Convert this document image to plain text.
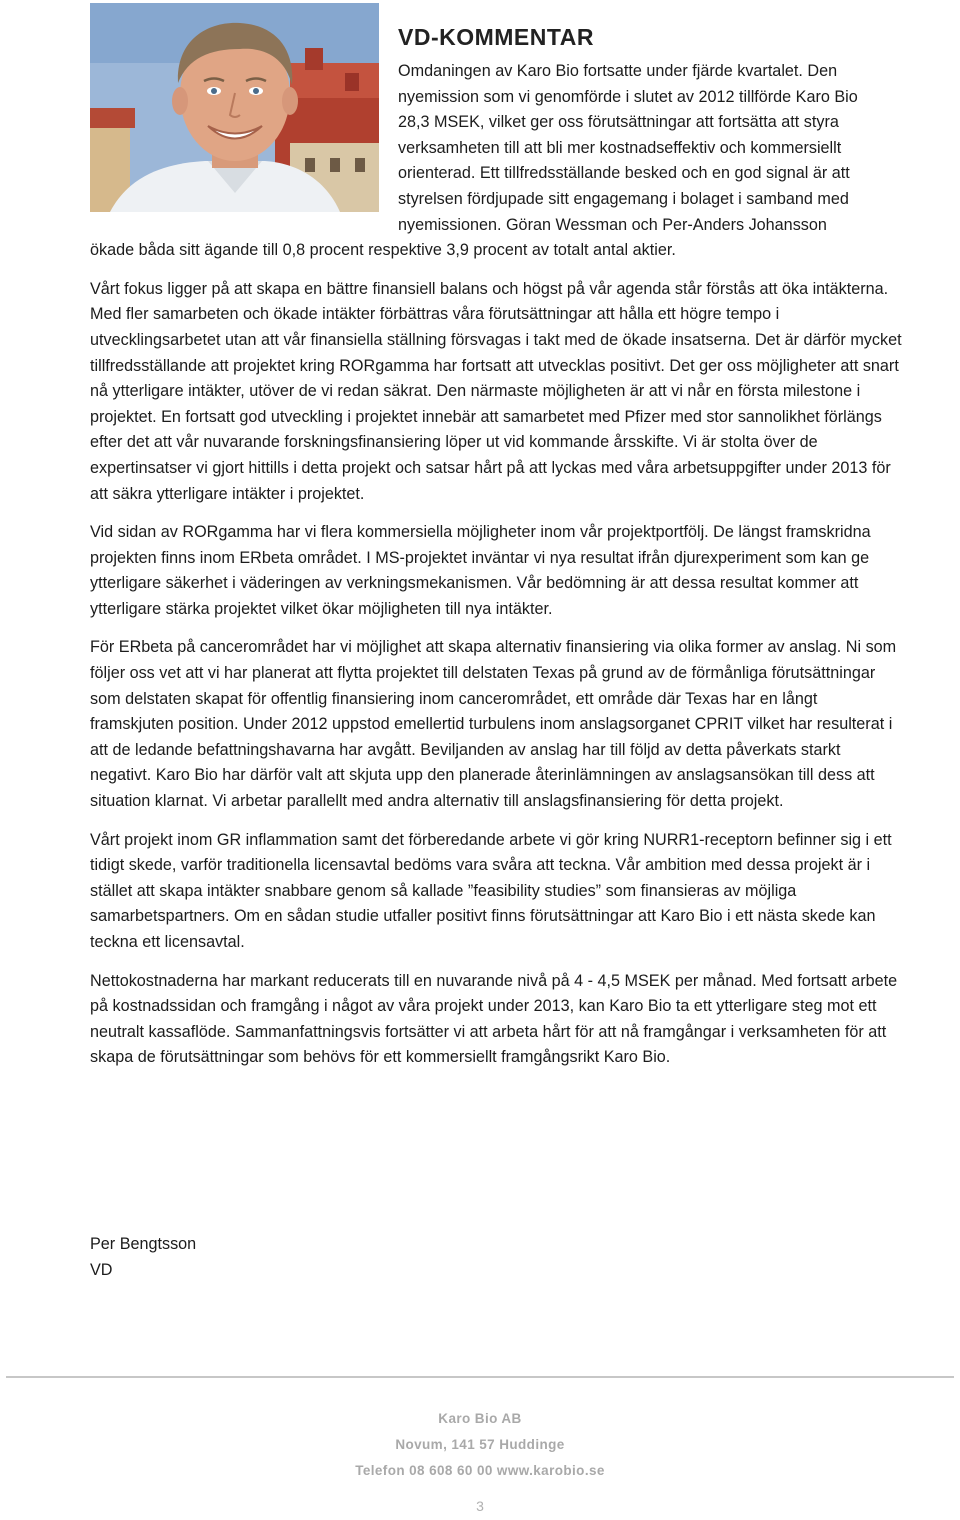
VD-KOMMENTAR
Omdaningen av Karo Bio fortsatte under fjärde kvartalet. Den
nyemission som vi genomförde i slutet av 2012 tillförde Karo Bio
28,3 MSEK, vilket ger oss förutsättningar att fortsätta att styra
verksamheten till att bli mer kostnadseffektiv och kommersiellt
orienterad. Ett tillfredsställande besked och en god signal är att
styrelsen fördjupade sitt engagemang i bolaget i samband med
nyemissionen. Göran Wessman och Per-Anders Johansson
ökade båda sitt ägande till 0,8 procent respektive 3,9 procent av totalt antal aktier.

Vårt fokus ligger på att skapa en bättre finansiell balans och högst på vår agenda står förstås att öka intäkterna. Med fler samarbeten och ökade intäkter förbättras våra förutsättningar att hålla ett högre tempo i utvecklingsarbetet utan att vår finansiella ställning försvagas i takt med de ökade insatserna. Det är därför mycket tillfredsställande att projektet kring RORgamma har fortsatt att utvecklas positivt. Det ger oss möjligheter att snart nå ytterligare intäkter, utöver de vi redan säkrat. Den närmaste möjligheten är att vi når en första milestone i projektet. En fortsatt god utveckling i projektet innebär att samarbetet med Pfizer med stor sannolikhet förlängs efter det att vår nuvarande forskningsfinansiering löper ut vid kommande årsskifte. Vi är stolta över de expertinsatser vi gjort hittills i detta projekt och satsar hårt på att lyckas med våra arbetsuppgifter under 2013 för att säkra ytterligare intäkter i projektet.

Vid sidan av RORgamma har vi flera kommersiella möjligheter inom vår projektportfölj. De längst framskridna projekten finns inom ERbeta området. I MS-projektet inväntar vi nya resultat ifrån djurexperiment som kan ge ytterligare säkerhet i väderingen av verkningsmekanismen. Vår bedömning är att dessa resultat kommer att ytterligare stärka projektet vilket ökar möjligheten till nya intäkter.

För ERbeta på cancerområdet har vi möjlighet att skapa alternativ finansiering via olika former av anslag. Ni som följer oss vet att vi har planerat att flytta projektet till delstaten Texas på grund av de förmånliga förutsättningar som delstaten skapat för offentlig finansiering inom cancerområdet, ett område där Texas har en långt framskjuten position. Under 2012 uppstod emellertid turbulens inom anslagsorganet CPRIT vilket har resulterat i att de ledande befattningshavarna har avgått. Beviljanden av anslag har till följd av detta påverkats starkt negativt. Karo Bio har därför valt att skjuta upp den planerade återinlämningen av anslagsansökan till dess att situation klarnat. Vi arbetar parallellt med andra alternativ till anslagsfinansiering för detta projekt.

Vårt projekt inom GR inflammation samt det förberedande arbete vi gör kring NURR1-receptorn befinner sig i ett tidigt skede, varför traditionella licensavtal bedöms vara svåra att teckna. Vår ambition med dessa projekt är i stället att skapa intäkter snabbare genom så kallade ”feasibility studies” som finansieras av möjliga samarbetspartners. Om en sådan studie utfaller positivt finns förutsättningar att Karo Bio i ett nästa skede kan teckna ett licensavtal.

Nettokostnaderna har markant reducerats till en nuvarande nivå på 4 - 4,5 MSEK per månad. Med fortsatt arbete på kostnadssidan och framgång i något av våra projekt under 2013, kan Karo Bio ta ett ytterligare steg mot ett neutralt kassaflöde. Sammanfattningsvis fortsätter vi att arbeta hårt för att nå framgångar i verksamheten för att skapa de förutsättningar som behövs för ett kommersiellt framgångsrikt Karo Bio.

Per Bengtsson
VD
Karo Bio AB
Novum, 141 57 Huddinge
Telefon 08 608 60 00 www.karobio.se
3
